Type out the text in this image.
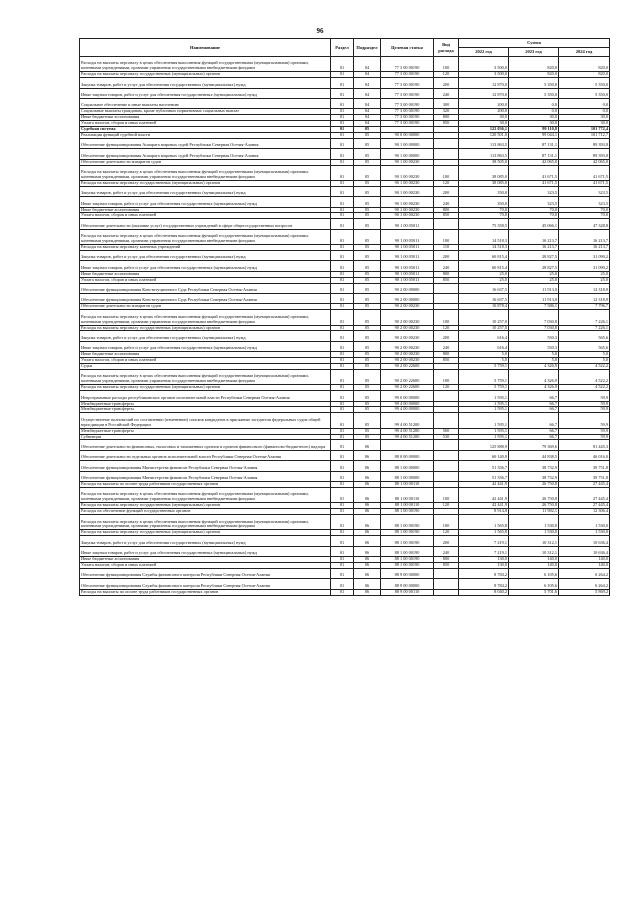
96
Наименование	Раздел	Подраздел	Целевая статья	Вид расхода	Сумма		
					2022 год	2023 год	2024 год
Расходы на выплаты персоналу в целях обеспечения выполнения функций государственными (муниципальными) органами, казенными учреждениями, органами управления государственными внебюджетными фондами	01	04	77 3 00 00190	100	3 500,0	820,0	820,0
Расходы на выплаты персоналу государственных (муниципальных) органов	01	04	77 3 00 00190	120	3 500,0	820,0	820,0
Закупка товаров, работ и услуг для обеспечения государственных (муниципальных) нужд	01	04	77 3 00 00190	200	12 870,0	5 350,0	5 350,0
Иные закупки товаров, работ и услуг для обеспечения государственных (муниципальных) нужд	01	04	77 3 00 00190	240	12 870,0	5 350,0	5 350,0
Социальное обеспечение и иные выплаты населению	01	04	77 3 00 00190	300	200,0	0,0	0,0
Социальные выплаты гражданам, кроме публичных нормативных социальных выплат	01	04	77 3 00 00190	320	200,0	0,0	0,0
Иные бюджетные ассигнования	01	04	77 3 00 00190	800	30,0	30,0	30,0
Уплата налогов, сборов и иных платежей	01	04	77 3 00 00190	850	30,0	30,0	30,0
Судебная система	01	05			122 036,1	99 110,8	101 772,4
Реализация функций судебной власти	01	05	90 0 00 00000		120 501,0	99 044,1	101 712,7
Обеспечение функционирования Аппарата мировых судей Республики Северная Осетия-Алания	01	05	90 1 00 00000		113 863,5	87 131,1	89 393,8
Обеспечение функционирования Аппарата мировых судей Республики Северная Осетия-Алания	01	05	90 1 00 00000		113 863,5	87 131,1	89 393,8
Обеспечение деятельности аппаратов судов	01	05	90 1 00 00230		38 505,0	42 065,0	42 065,0
Расходы на выплаты персоналу в целях обеспечения выполнения функций государственными (муниципальными) органами, казенными учреждениями, органами управления государственными внебюджетными фондами	01	05	90 1 00 00230	100	38 085,0	41 671,5	41 671,5
Расходы на выплаты персоналу государственных (муниципальных) органов	01	05	90 1 00 00230	120	38 085,0	41 671,5	41 671,5
Закупка товаров, работ и услуг для обеспечения государственных (муниципальных) нужд	01	05	90 1 00 00230	200	350,0	323,5	323,5
Иные закупки товаров, работ и услуг для обеспечения государственных (муниципальных) нужд	01	05	90 1 00 00230	240	350,0	323,5	323,5
Иные бюджетные ассигнования	01	05	90 1 00 00230	800	70,0	70,0	70,0
Уплата налогов, сборов и иных платежей	01	05	90 1 00 00230	850	70,0	70,0	70,0
Обеспечение деятельности (оказание услуг) государственных учреждений в сфере общегосударственных вопросов	01	05	90 1 00 05011		75 358,5	45 066,1	47 328,8
Расходы на выплаты персоналу в целях обеспечения выполнения функций государственными (муниципальными) органами, казенными учреждениями, органами управления государственными внебюджетными фондами	01	05	90 1 00 05011	100	14 518,3	16 213,7	16 213,7
Расходы на выплаты персоналу казенных учреждений	01	05	90 1 00 05011	110	14 518,3	16 213,7	16 213,7
Закупка товаров, работ и услуг для обеспечения государственных (муниципальных) нужд	01	05	90 1 00 05011	200	60 815,4	28 827,5	31 090,2
Иные закупки товаров, работ и услуг для обеспечения государственных (муниципальных) нужд	01	05	90 1 00 05011	240	60 815,4	28 827,5	31 090,2
Иные бюджетные ассигнования	01	05	90 1 00 05011	800	25,0	25,0	25,0
Уплата налогов, сборов и иных платежей	01	05	90 1 00 05011	850	25,0	25,0	25,0
Обеспечение функционирования Конституционного Суда Республики Северная Осетия-Алания	01	05	90 2 00 00000		16 637,5	11 913,0	12 318,9
Обеспечение функционирования Конституционного Суда Республики Северная Осетия-Алания	01	05	90 2 00 00000		16 637,5	11 913,0	12 318,9
Обеспечение деятельности аппаратов судов	01	05	90 2 00 00230		10 878,4	7 586,1	7 796,7
Расходы на выплаты персоналу в целях обеспечения выполнения функций государственными (муниципальными) органами, казенными учреждениями, органами управления государственными внебюджетными фондами	01	05	90 2 00 00230	100	10 257,0	7 030,8	7 226,1
Расходы на выплаты персоналу государственных (муниципальных) органов	01	05	90 2 00 00230	120	10 257,0	7 030,8	7 226,1
Закупка товаров, работ и услуг для обеспечения государственных (муниципальных) нужд	01	05	90 2 00 00230	200	616,4	550,3	565,6
Иные закупки товаров, работ и услуг для обеспечения государственных (муниципальных) нужд	01	05	90 2 00 00230	240	616,4	550,3	565,6
Иные бюджетные ассигнования	01	05	90 2 00 00230	800	5,0	5,0	5,0
Уплата налогов, сборов и иных платежей	01	05	90 2 00 00230	850	5,0	5,0	5,0
Судьи	01	05	90 2 00 22600		5 759,1	4 326,9	4 522,2
Расходы на выплаты персоналу в целях обеспечения выполнения функций государственными (муниципальными) органами, казенными учреждениями, органами управления государственными внебюджетными фондами	01	05	90 2 00 22600	100	5 759,1	4 326,9	4 522,2
Расходы на выплаты персоналу государственных (муниципальных) органов	01	05	90 2 00 22600	120	5 759,1	4 326,9	4 522,2
Непрограммные расходы республиканских органов исполнительной власти Республики Северная Осетия-Алания	01	05	99 0 00 00000		1 595,1	66,7	59,9
Межбюджетные трансферты	01	05	99 4 00 00000		1 595,1	66,7	59,9
Межбюджетные трансферты	01	05	99 4 00 00000		1 595,1	66,7	59,9
Осуществление полномочий по составлению (изменению) списков кандидатов в присяжные заседатели федеральных судов общей юрисдикции в Российской Федерации	01	05	99 4 00 51200		1 595,1	66,7	59,9
Межбюджетные трансферты	01	05	99 4 00 51200	500	1 595,1	66,7	59,9
Субвенции	01	05	99 4 00 51200	530	1 595,1	66,7	59,9
Обеспечение деятельности финансовых, налоговых и таможенных органов и органов финансового (финансово-бюджетного) надзора	01	06			125 888,9	79 369,6	81 445,3
Обеспечение деятельности отдельных органов исполнительной власти Республики Северная Осетия-Алания	01	06	88 0 00 00000		60 140,9	44 838,5	46 016,0
Обеспечение функционирования Министерства финансов Республики Северная Осетия-Алания	01	06	88 1 00 00000		51 356,7	38 732,9	39 751,8
Обеспечение функционирования Министерства финансов Республики Северная Осетия-Алания	01	06	88 1 00 00000		51 356,7	38 732,9	39 751,8
Расходы на выплаты по оплате труда работников государственных органов	01	06	88 1 00 00110		42 441,9	26 750,8	27 445,4
Расходы на выплаты персоналу в целях обеспечения выполнения функций государственными (муниципальными) органами, казенными учреждениями, органами управления государственными внебюджетными фондами	01	06	88 1 00 00110	100	42 441,9	26 750,8	27 445,4
Расходы на выплаты персоналу государственных (муниципальных) органов	01	06	88 1 00 00110	120	42 441,9	26 750,8	27 445,4
Расходы на обеспечение функций государственных органов	01	06	88 1 00 00190		8 914,8	11 982,1	12 306,4
Расходы на выплаты персоналу в целях обеспечения выполнения функций государственными (муниципальными) органами, казенными учреждениями, органами управления государственными внебюджетными фондами	01	06	88 1 00 00190	100	1 565,8	1 530,0	1 530,0
Расходы на выплаты персоналу государственных (муниципальных) органов	01	06	88 1 00 00190	120	1 565,8	1 530,0	1 530,0
Закупка товаров, работ и услуг для обеспечения государственных (муниципальных) нужд	01	06	88 1 00 00190	200	7 219,1	10 312,1	10 636,4
Иные закупки товаров, работ и услуг для обеспечения государственных (муниципальных) нужд	01	06	88 1 00 00190	240	7 219,1	10 312,1	10 636,4
Иные бюджетные ассигнования	01	06	88 1 00 00190	800	130,0	140,0	140,0
Уплата налогов, сборов и иных платежей	01	06	88 1 00 00190	850	130,0	140,0	140,0
Обеспечение функционирования Службы финансового контроля Республики Северная Осетия-Алания	01	06	88 9 00 00000		8 784,2	6 105,6	6 264,2
Обеспечение функционирования Службы финансового контроля Республики Северная Осетия-Алания	01	06	88 9 00 00000		8 784,2	6 105,6	6 264,2
Расходы на выплаты по оплате труда работников государственных органов	01	06	88 9 00 00110		8 040,2	5 701,6	5 869,2
